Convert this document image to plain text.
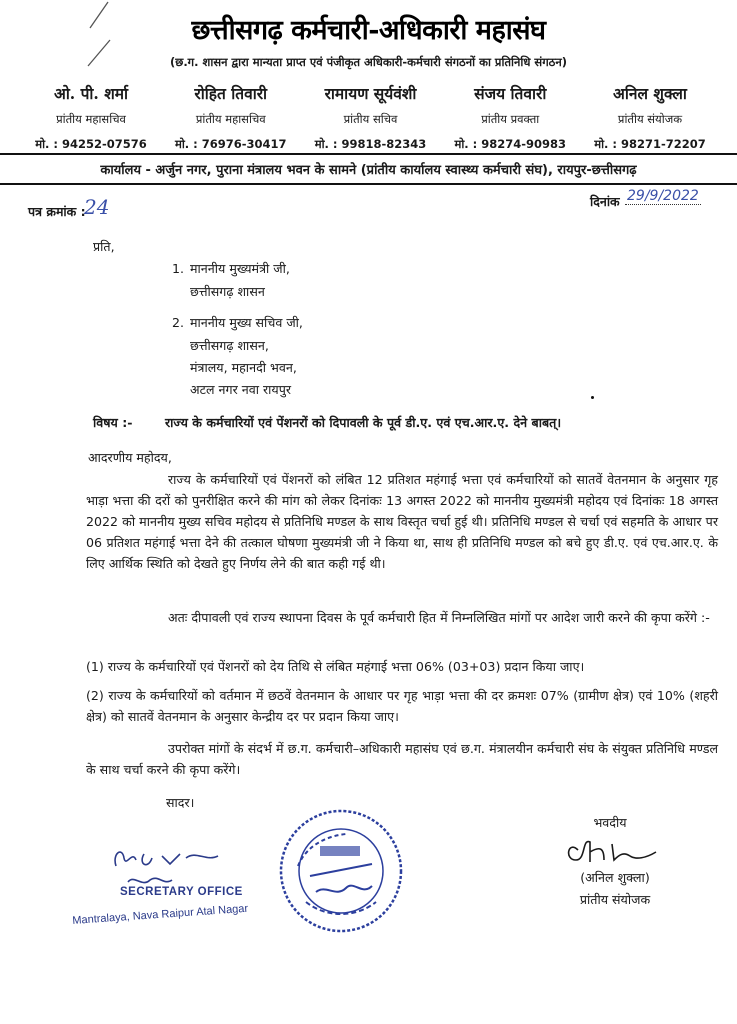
छत्तीसगढ़ कर्मचारी-अधिकारी महासंघ
(छ.ग. शासन द्वारा मान्यता प्राप्त एवं पंजीकृत अधिकारी-कर्मचारी संगठनों का प्रतिनिधि संगठन)
ओ. पी. शर्मा
प्रांतीय महासचिव
मो. : 94252-07576
रोहित तिवारी
प्रांतीय महासचिव
मो. : 76976-30417
रामायण सूर्यवंशी
प्रांतीय सचिव
मो. : 99818-82343
संजय तिवारी
प्रांतीय प्रवक्ता
मो. : 98274-90983
अनिल शुक्ला
प्रांतीय संयोजक
मो. : 98271-72207
कार्यालय - अर्जुन नगर, पुराना मंत्रालय भवन के सामने (प्रांतीय कार्यालय स्वास्थ्य कर्मचारी संघ), रायपुर-छत्तीसगढ़
पत्र क्रमांक :
24	दिनांक 29/9/2022
प्रति,
1. माननीय मुख्यमंत्री जी,
छत्तीसगढ़ शासन
2. माननीय मुख्य सचिव जी,
छत्तीसगढ़ शासन,
मंत्रालय, महानदी भवन,
अटल नगर नवा रायपुर
विषय :-	राज्य के कर्मचारियों एवं पेंशनरों को दिपावली के पूर्व डी.ए. एवं एच.आर.ए. देने बाबत्।
आदरणीय महोदय,
राज्य के कर्मचारियों एवं पेंशनरों को लंबित 12 प्रतिशत महंगाई भत्ता एवं कर्मचारियों को सातवें वेतनमान के अनुसार गृह भाड़ा भत्ता की दरों को पुनरीक्षित करने की मांग को लेकर दिनांकः 13 अगस्त 2022 को माननीय मुख्यमंत्री महोदय एवं दिनांकः 18 अगस्त 2022 को माननीय मुख्य सचिव महोदय से प्रतिनिधि मण्डल के साथ विस्तृत चर्चा हुई थी। प्रतिनिधि मण्डल से चर्चा एवं सहमति के आधार पर 06 प्रतिशत महंगाई भत्ता देने की तत्काल घोषणा मुख्यमंत्री जी ने किया था, साथ ही प्रतिनिधि मण्डल को बचे हुए डी.ए. एवं एच.आर.ए. के लिए आर्थिक स्थिति को देखते हुए निर्णय लेने की बात कही गई थी।
अतः दीपावली एवं राज्य स्थापना दिवस के पूर्व कर्मचारी हित में निम्नलिखित मांगों पर आदेश जारी करने की कृपा करेंगे :-
(1) राज्य के कर्मचारियों एवं पेंशनरों को देय तिथि से लंबित महंगाई भत्ता 06% (03+03) प्रदान किया जाए।
(2) राज्य के कर्मचारियों को वर्तमान में छठवें वेतनमान के आधार पर गृह भाड़ा भत्ता की दर क्रमशः 07% (ग्रामीण क्षेत्र) एवं 10% (शहरी क्षेत्र) को सातवें वेतनमान के अनुसार केन्द्रीय दर पर प्रदान किया जाए।
उपरोक्त मांगों के संदर्भ में छ.ग. कर्मचारी–अधिकारी महासंघ एवं छ.ग. मंत्रालयीन कर्मचारी संघ के संयुक्त प्रतिनिधि मण्डल के साथ चर्चा करने की कृपा करेंगे।
सादर।
भवदीय
(अनिल शुक्ला)
प्रांतीय संयोजक
SECRETARY OFFICE
Mantralaya, Nava Raipur Atal Nagar
